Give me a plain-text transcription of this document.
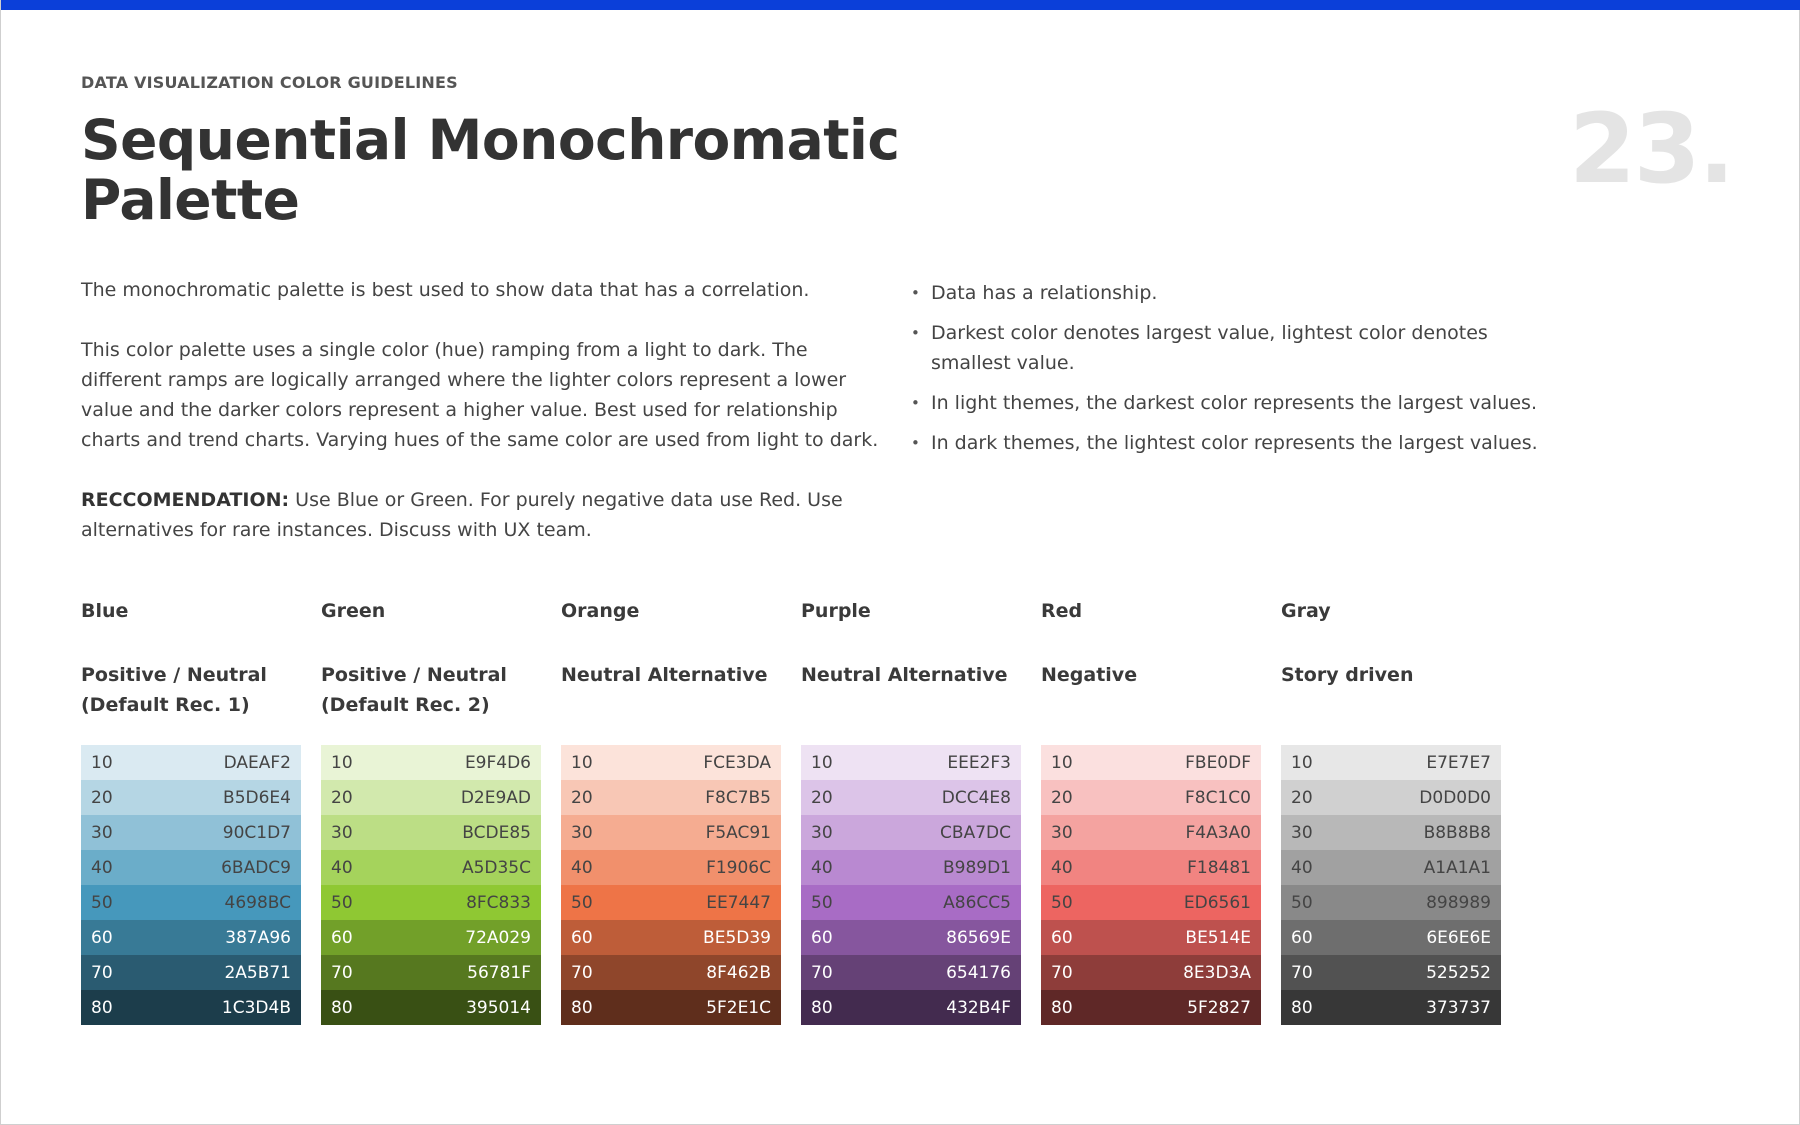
DATA VISUALIZATION COLOR GUIDELINES
Sequential Monochromatic Palette	23.

The monochromatic palette is best used to show data that has a correlation.

This color palette uses a single color (hue) ramping from a light to dark. The different ramps are logically arranged where the lighter colors represent a lower value and the darker colors represent a higher value. Best used for relationship charts and trend charts. Varying hues of the same color are used from light to dark.

RECCOMENDATION: Use Blue or Green. For purely negative data use Red. Use alternatives for rare instances. Discuss with UX team.

• Data has a relationship.
• Darkest color denotes largest value, lightest color denotes smallest value.
• In light themes, the darkest color represents the largest values.
• In dark themes, the lightest color represents the largest values.
Blue
Positive / Neutral (Default Rec. 1)
10	DAEAF2
20	B5D6E4
30	90C1D7
40	6BADC9
50	4698BC
60	387A96
70	2A5B71
80	1C3D4B
Green
Positive / Neutral (Default Rec. 2)
10	E9F4D6
20	D2E9AD
30	BCDE85
40	A5D35C
50	8FC833
60	72A029
70	56781F
80	395014
Orange
Neutral Alternative
10	FCE3DA
20	F8C7B5
30	F5AC91
40	F1906C
50	EE7447
60	BE5D39
70	8F462B
80	5F2E1C
Purple
Neutral Alternative
10	EEE2F3
20	DCC4E8
30	CBA7DC
40	B989D1
50	A86CC5
60	86569E
70	654176
80	432B4F
Red
Negative
10	FBE0DF
20	F8C1C0
30	F4A3A0
40	F18481
50	ED6561
60	BE514E
70	8E3D3A
80	5F2827
Gray
Story driven
10	E7E7E7
20	D0D0D0
30	B8B8B8
40	A1A1A1
50	898989
60	6E6E6E
70	525252
80	373737
